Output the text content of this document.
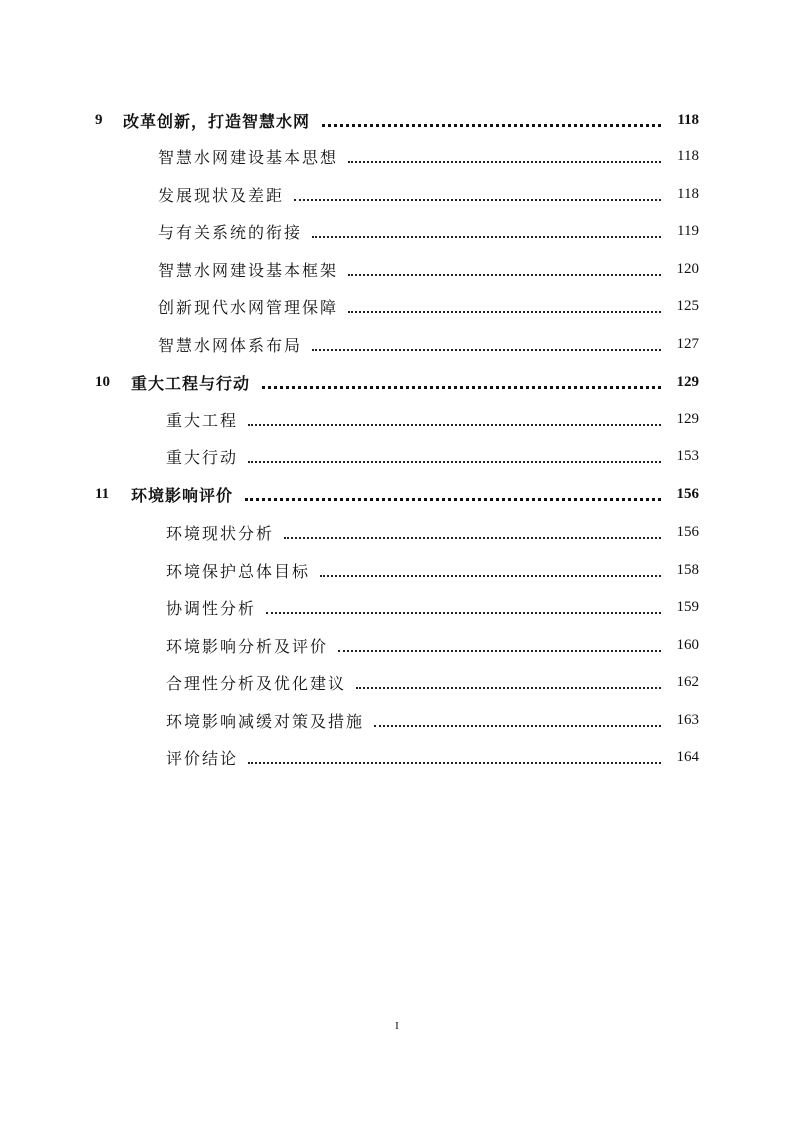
9 改革创新，打造智慧水网	118
智慧水网建设基本思想	118
发展现状及差距	118
与有关系统的衔接	119
智慧水网建设基本框架	120
创新现代水网管理保障	125
智慧水网体系布局	127
10 重大工程与行动	129
重大工程	129
重大行动	153
11 环境影响评价	156
环境现状分析	156
环境保护总体目标	158
协调性分析	159
环境影响分析及评价	160
合理性分析及优化建议	162
环境影响减缓对策及措施	163
评价结论	164
I
